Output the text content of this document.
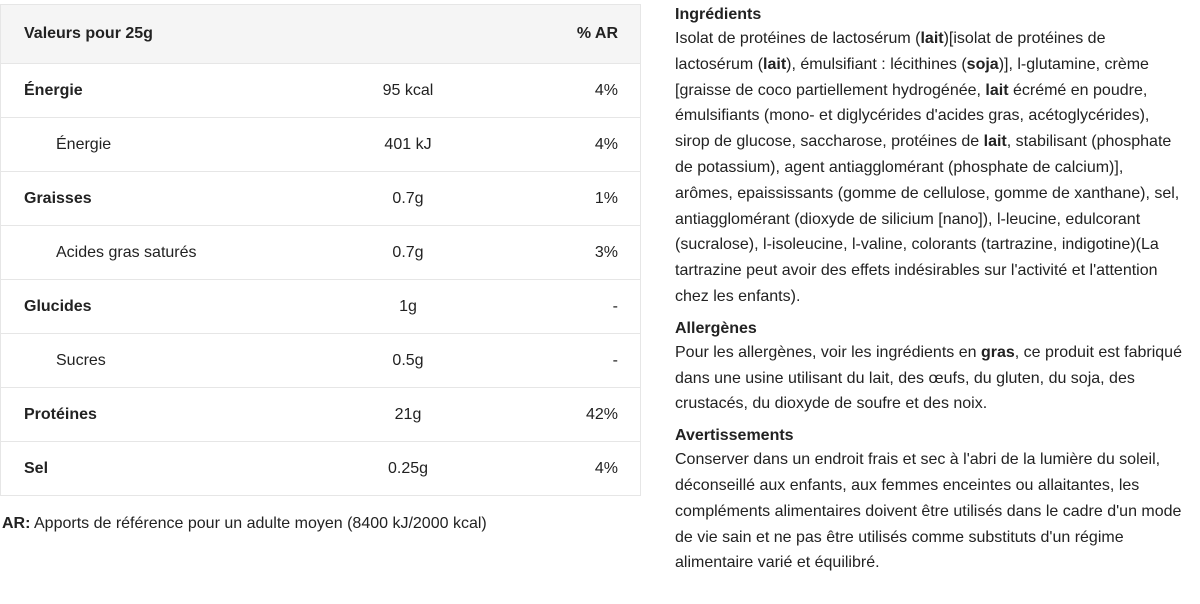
Valeurs pour 25g		% AR
Énergie	95 kcal	4%
Énergie	401 kJ	4%
Graisses	0.7g	1%
Acides gras saturés	0.7g	3%
Glucides	1g	-
Sucres	0.5g	-
Protéines	21g	42%
Sel	0.25g	4%
AR: Apports de référence pour un adulte moyen (8400 kJ/2000 kcal)
Ingrédients

Isolat de protéines de lactosérum (lait)[isolat de protéines de lactosérum (lait), émulsifiant : lécithines (soja)], l-glutamine, crème [graisse de coco partiellement hydrogénée, lait écrémé en poudre, émulsifiants (mono- et diglycérides d'acides gras, acétoglycérides), sirop de glucose, saccharose, protéines de lait, stabilisant (phosphate de potassium), agent antiagglomérant (phosphate de calcium)], arômes, epaississants (gomme de cellulose, gomme de xanthane), sel, antiagglomérant (dioxyde de silicium [nano]), l-leucine, edulcorant (sucralose), l-isoleucine, l-valine, colorants (tartrazine, indigotine)(La tartrazine peut avoir des effets indésirables sur l'activité et l'attention chez les enfants).

Allergènes

Pour les allergènes, voir les ingrédients en gras, ce produit est fabriqué dans une usine utilisant du lait, des œufs, du gluten, du soja, des crustacés, du dioxyde de soufre et des noix.

Avertissements

Conserver dans un endroit frais et sec à l'abri de la lumière du soleil, déconseillé aux enfants, aux femmes enceintes ou allaitantes, les compléments alimentaires doivent être utilisés dans le cadre d'un mode de vie sain et ne pas être utilisés comme substituts d'un régime alimentaire varié et équilibré.
